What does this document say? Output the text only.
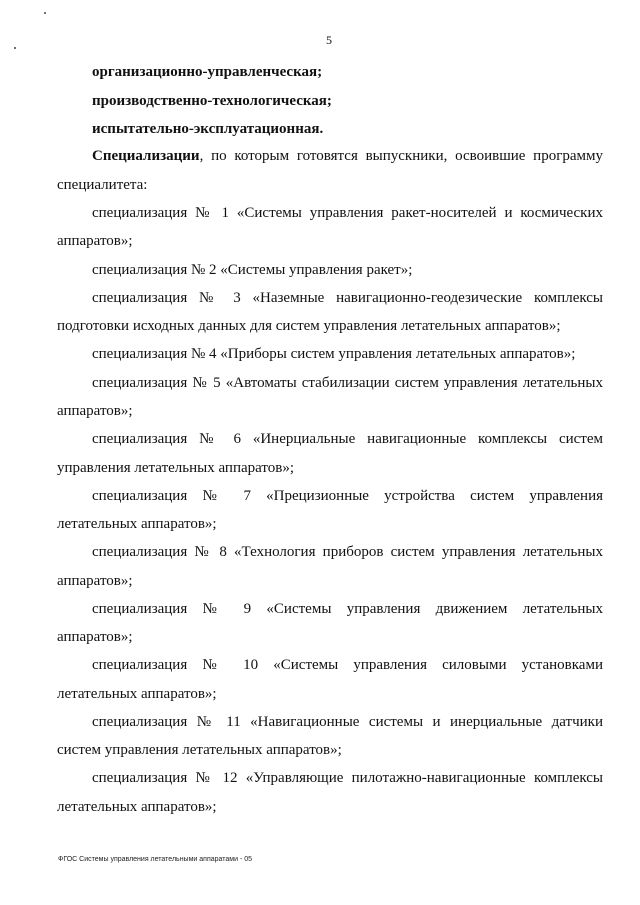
5
организационно-управленческая;
производственно-технологическая;
испытательно-эксплуатационная.
Специализации, по которым готовятся выпускники, освоившие программу
специалитета:
специализация № 1 «Системы управления ракет-носителей и космических
аппаратов»;
специализация № 2 «Системы управления ракет»;
специализация № 3 «Наземные навигационно-геодезические комплексы
подготовки исходных данных для систем управления летательных аппаратов»;
специализация № 4 «Приборы систем управления летательных аппаратов»;
специализация № 5 «Автоматы стабилизации систем управления летательных
аппаратов»;
специализация № 6 «Инерциальные навигационные комплексы систем
управления летательных аппаратов»;
специализация № 7 «Прецизионные устройства систем управления
летательных аппаратов»;
специализация № 8 «Технология приборов систем управления летательных
аппаратов»;
специализация № 9 «Системы управления движением летательных
аппаратов»;
специализация № 10 «Системы управления силовыми установками
летательных аппаратов»;
специализация № 11 «Навигационные системы и инерциальные датчики
систем управления летательных аппаратов»;
специализация № 12 «Управляющие пилотажно-навигационные комплексы
летательных аппаратов»;
ФГОС Системы управления летательными аппаратами - 05
